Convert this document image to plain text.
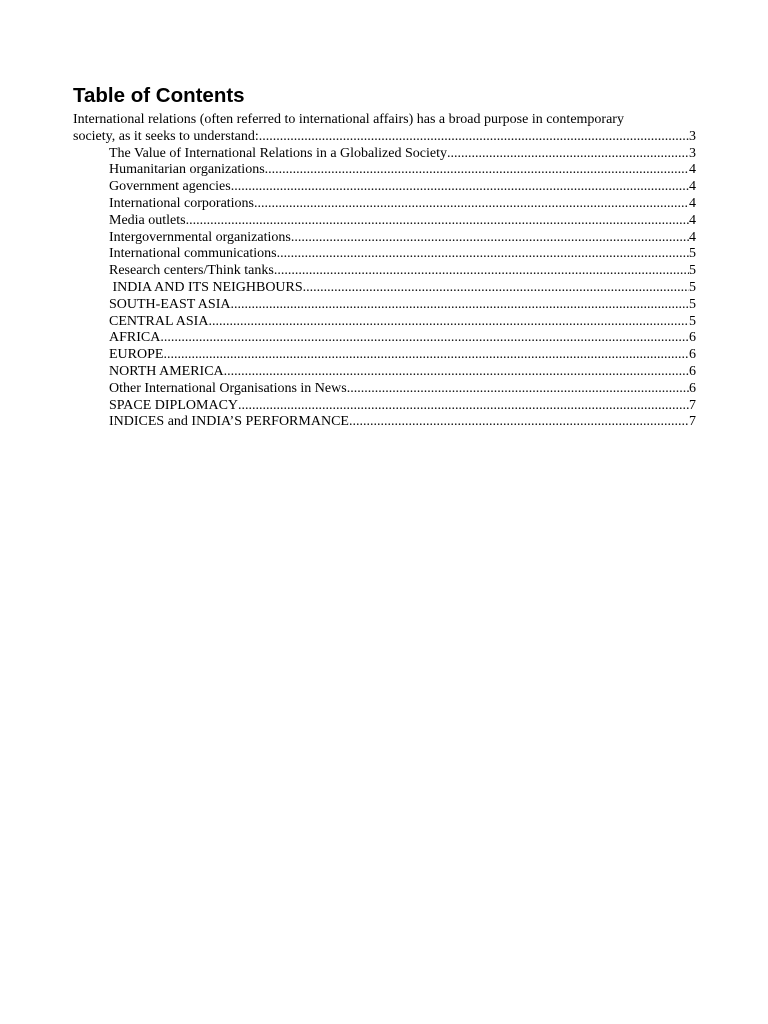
Table of Contents
International relations (often referred to international affairs) has a broad purpose in contemporary
society, as it seeks to understand: .....	3
The Value of International Relations in a Globalized Society .....	3
Humanitarian organizations .....	4
Government agencies .....	4
International corporations .....	4
Media outlets .....	4
Intergovernmental organizations .....	4
International communications .....	5
Research centers/Think tanks .....	5
INDIA AND ITS NEIGHBOURS .....	5
SOUTH-EAST ASIA .....	5
CENTRAL ASIA .....	5
AFRICA .....	6
EUROPE .....	6
NORTH AMERICA .....	6
Other International Organisations in News .....	6
SPACE DIPLOMACY .....	7
INDICES and INDIA’S PERFORMANCE .....	7
